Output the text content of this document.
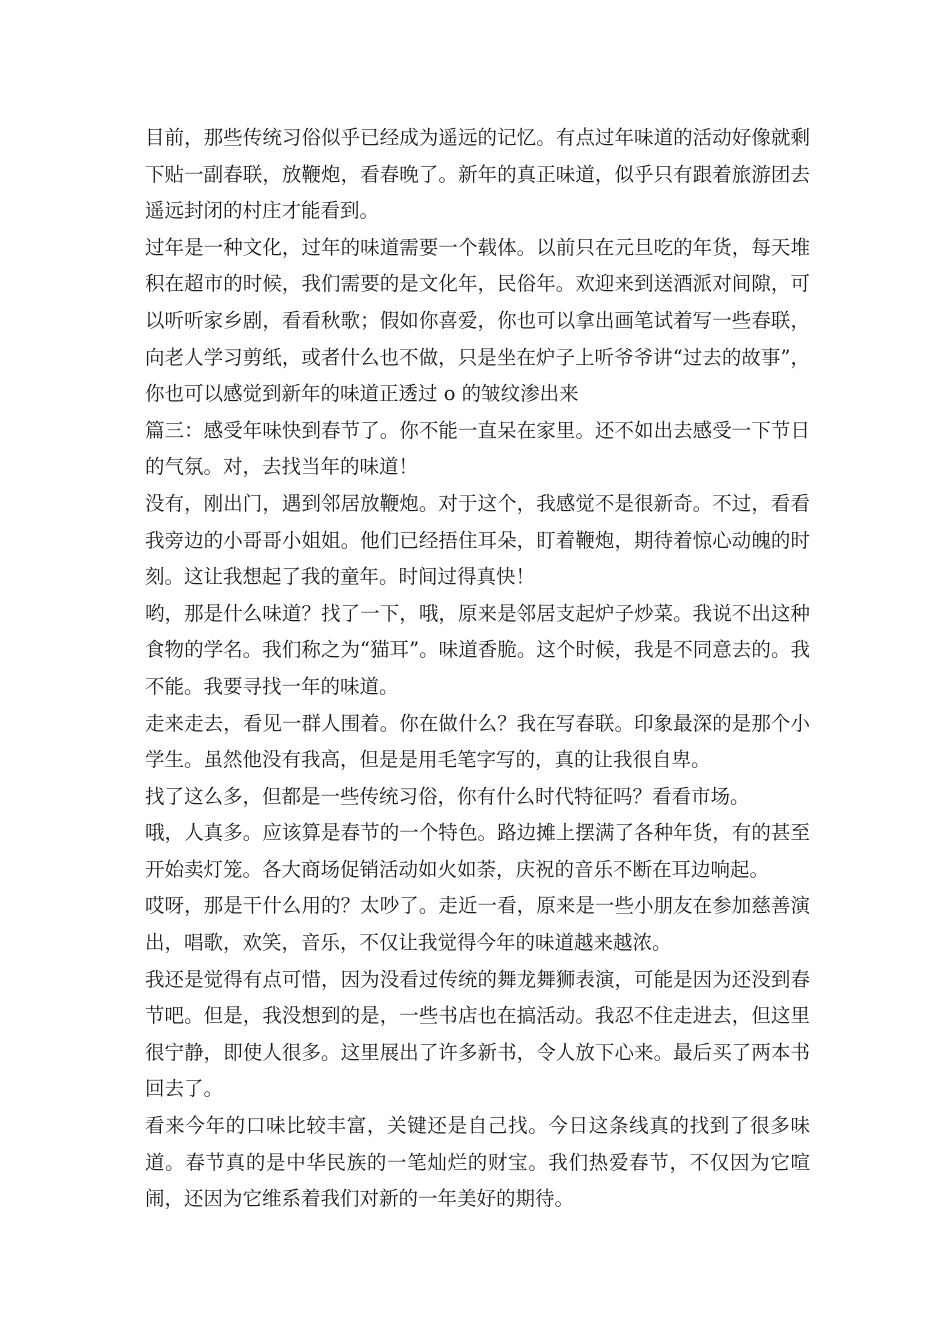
目前，那些传统习俗似乎已经成为遥远的记忆。有点过年味道的活动好像就剩下贴一副春联，放鞭炮，看春晚了。新年的真正味道，似乎只有跟着旅游团去遥远封闭的村庄才能看到。

过年是一种文化，过年的味道需要一个载体。以前只在元旦吃的年货，每天堆积在超市的时候，我们需要的是文化年，民俗年。欢迎来到送酒派对间隙，可以听听家乡剧，看看秋歌；假如你喜爱，你也可以拿出画笔试着写一些春联，向老人学习剪纸，或者什么也不做，只是坐在炉子上听爷爷讲“过去的故事”，你也可以感觉到新年的味道正透过 o 的皱纹渗出来

篇三：感受年味快到春节了。你不能一直呆在家里。还不如出去感受一下节日的气氛。对，去找当年的味道！

没有，刚出门，遇到邻居放鞭炮。对于这个，我感觉不是很新奇。不过，看看我旁边的小哥哥小姐姐。他们已经捂住耳朵，盯着鞭炮，期待着惊心动魄的时刻。这让我想起了我的童年。时间过得真快！

哟，那是什么味道？找了一下，哦，原来是邻居支起炉子炒菜。我说不出这种食物的学名。我们称之为“猫耳”。味道香脆。这个时候，我是不同意去的。我不能。我要寻找一年的味道。

走来走去，看见一群人围着。你在做什么？我在写春联。印象最深的是那个小学生。虽然他没有我高，但是是用毛笔字写的，真的让我很自卑。

找了这么多，但都是一些传统习俗，你有什么时代特征吗？看看市场。

哦，人真多。应该算是春节的一个特色。路边摊上摆满了各种年货，有的甚至开始卖灯笼。各大商场促销活动如火如荼，庆祝的音乐不断在耳边响起。

哎呀，那是干什么用的？太吵了。走近一看，原来是一些小朋友在参加慈善演出，唱歌，欢笑，音乐，不仅让我觉得今年的味道越来越浓。

我还是觉得有点可惜，因为没看过传统的舞龙舞狮表演，可能是因为还没到春节吧。但是，我没想到的是，一些书店也在搞活动。我忍不住走进去，但这里很宁静，即使人很多。这里展出了许多新书，令人放下心来。最后买了两本书回去了。

看来今年的口味比较丰富，关键还是自己找。今日这条线真的找到了很多味道。春节真的是中华民族的一笔灿烂的财宝。我们热爱春节，不仅因为它喧闹，还因为它维系着我们对新的一年美好的期待。
